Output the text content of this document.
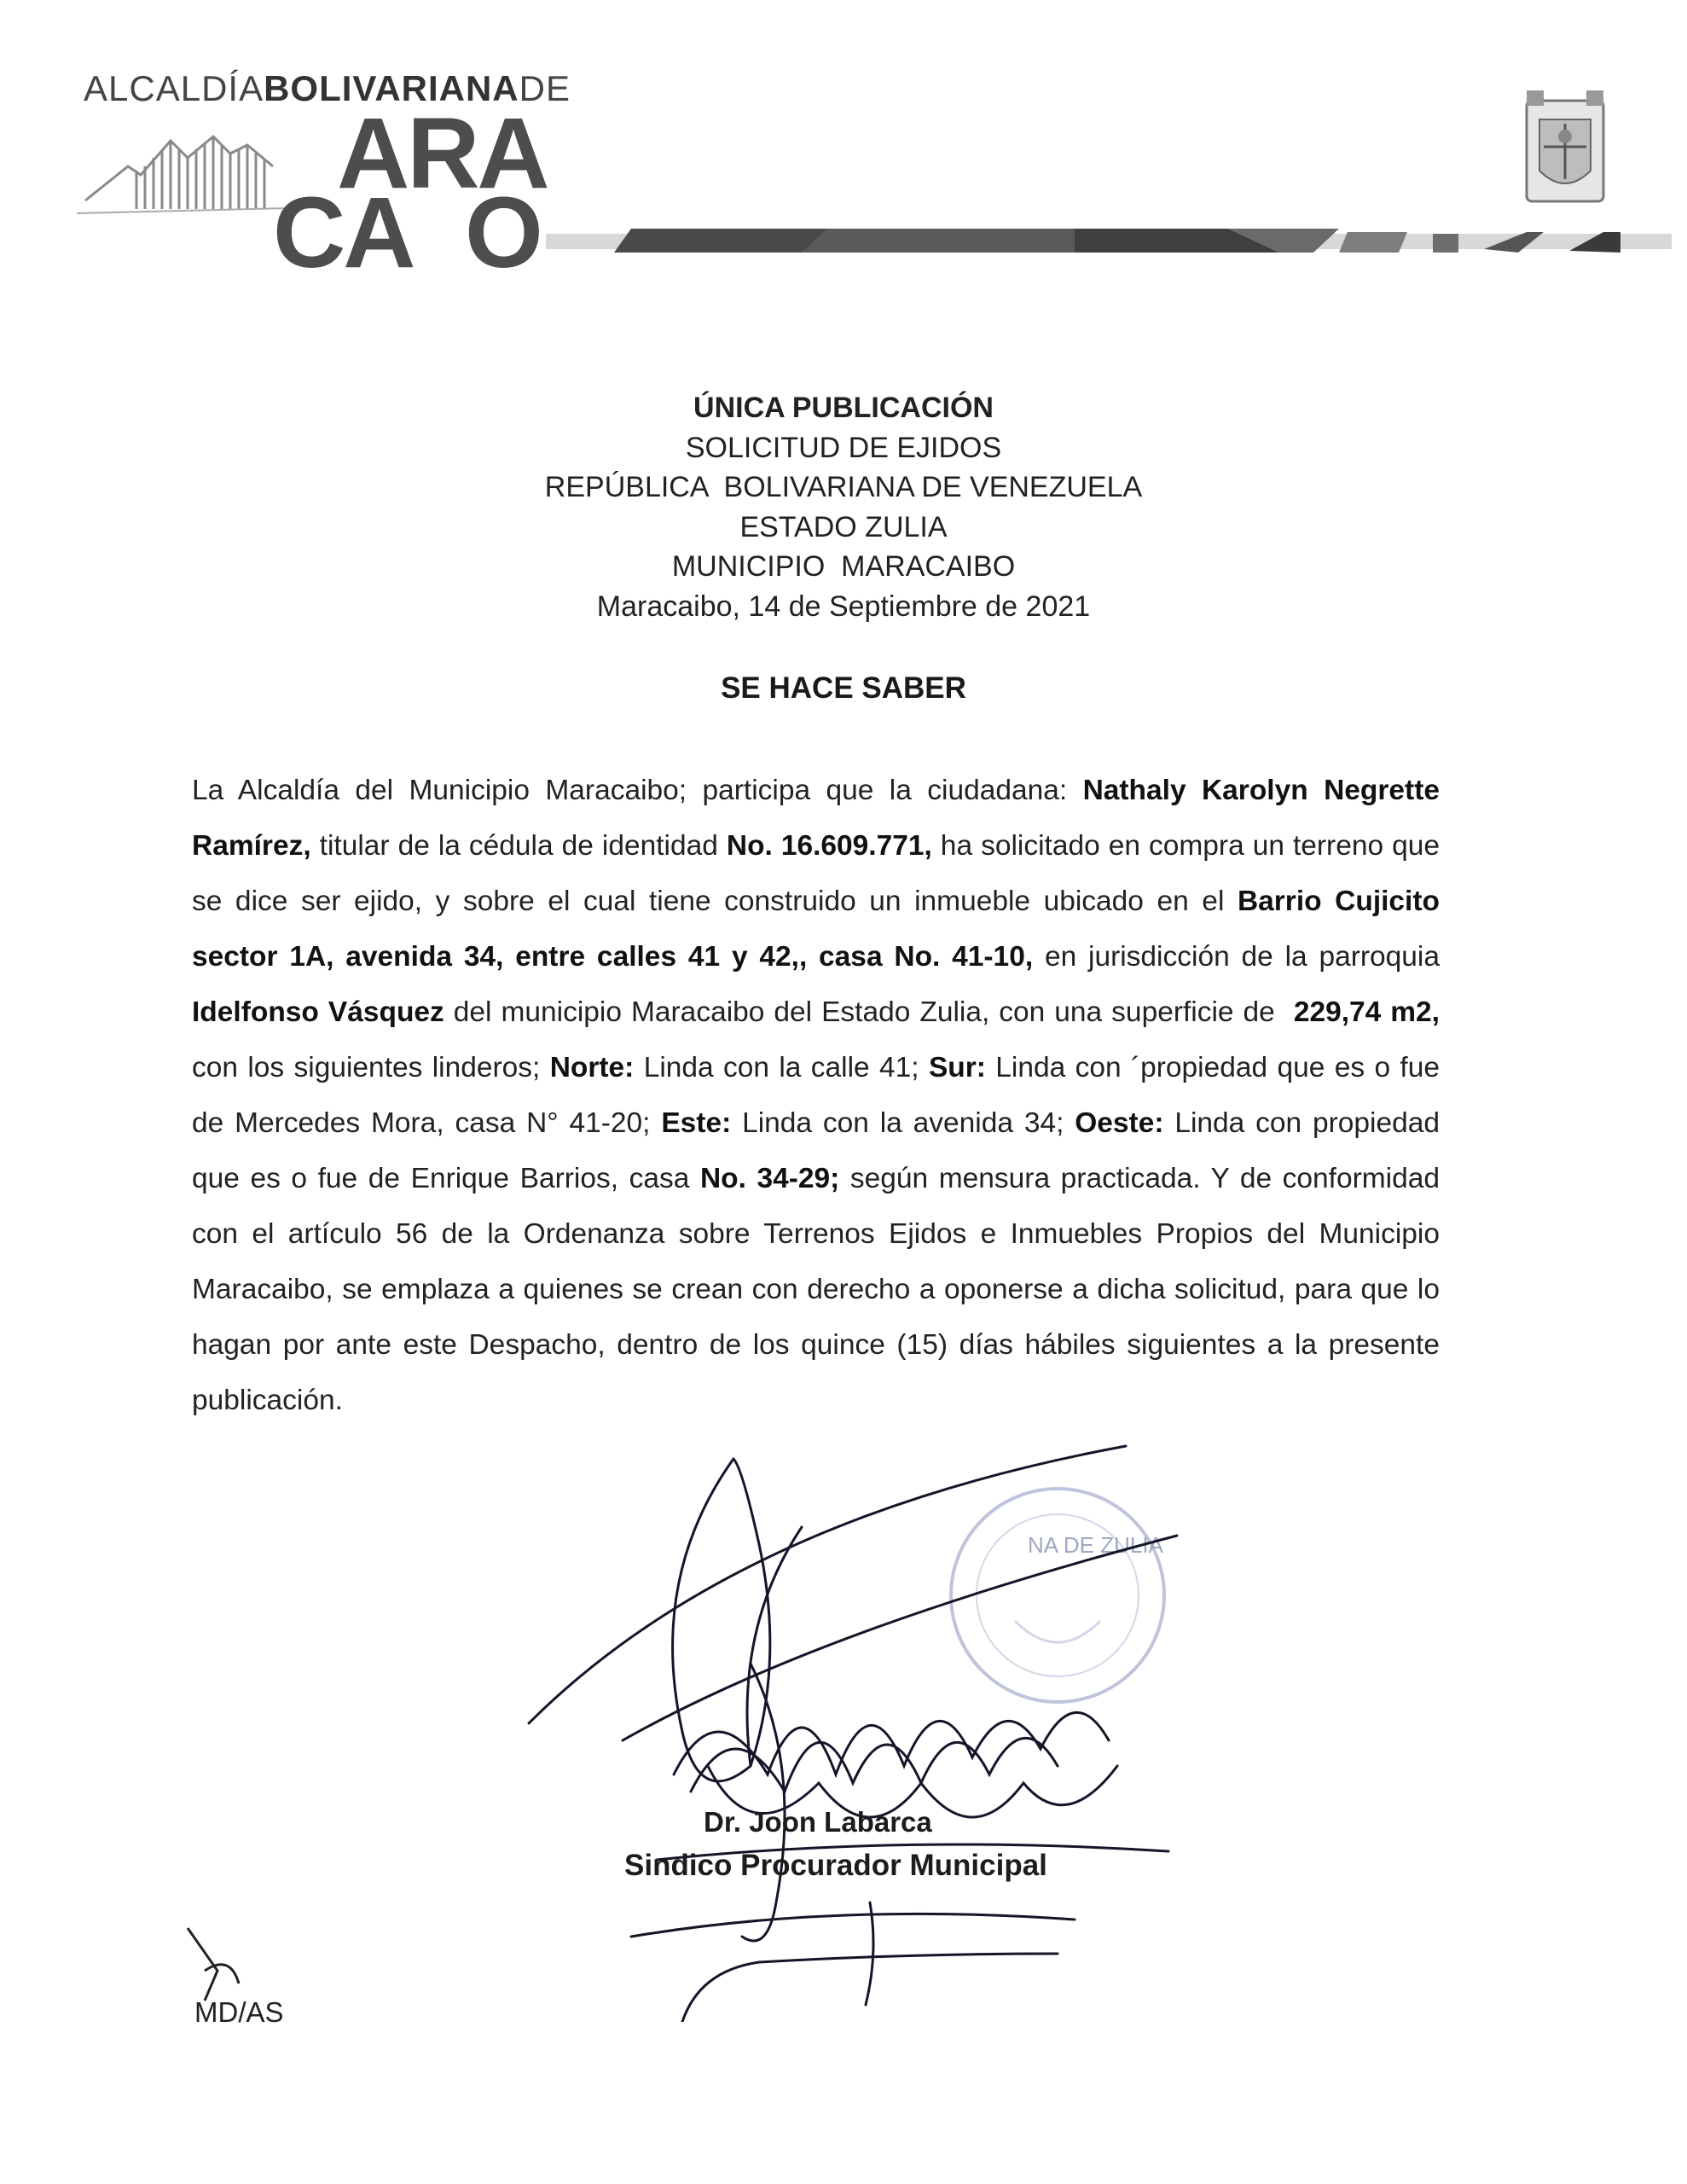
ALCALDÍABOLIVARIANADE
ARA
CA O
ÚNICA PUBLICACIÓN
SOLICITUD DE EJIDOS
REPÚBLICA  BOLIVARIANA DE VENEZUELA
ESTADO ZULIA
MUNICIPIO  MARACAIBO
Maracaibo, 14 de Septiembre de 2021
SE HACE SABER
La Alcaldía del Municipio Maracaibo; participa que la ciudadana: Nathaly Karolyn Negrette Ramírez, titular de la cédula de identidad No. 16.609.771, ha solicitado en compra un terreno que se dice ser ejido, y sobre el cual tiene construido un inmueble ubicado en el Barrio Cujicito sector 1A, avenida 34, entre calles 41 y 42,, casa No. 41-10, en jurisdicción de la parroquia Idelfonso Vásquez del municipio Maracaibo del Estado Zulia, con una superficie de  229,74 m2, con los siguientes linderos; Norte: Linda con la calle 41; Sur: Linda con ´propiedad que es o fue de Mercedes Mora, casa N° 41-20; Este: Linda con la avenida 34; Oeste: Linda con propiedad que es o fue de Enrique Barrios, casa No. 34-29; según mensura practicada. Y de conformidad con el artículo 56 de la Ordenanza sobre Terrenos Ejidos e Inmuebles Propios del Municipio Maracaibo, se emplaza a quienes se crean con derecho a oponerse a dicha solicitud, para que lo hagan por ante este Despacho, dentro de los quince (15) días hábiles siguientes a la presente publicación.
NA DE ZULIA
Dr. Joon Labarca
Sindico Procurador Municipal
MD/AS
